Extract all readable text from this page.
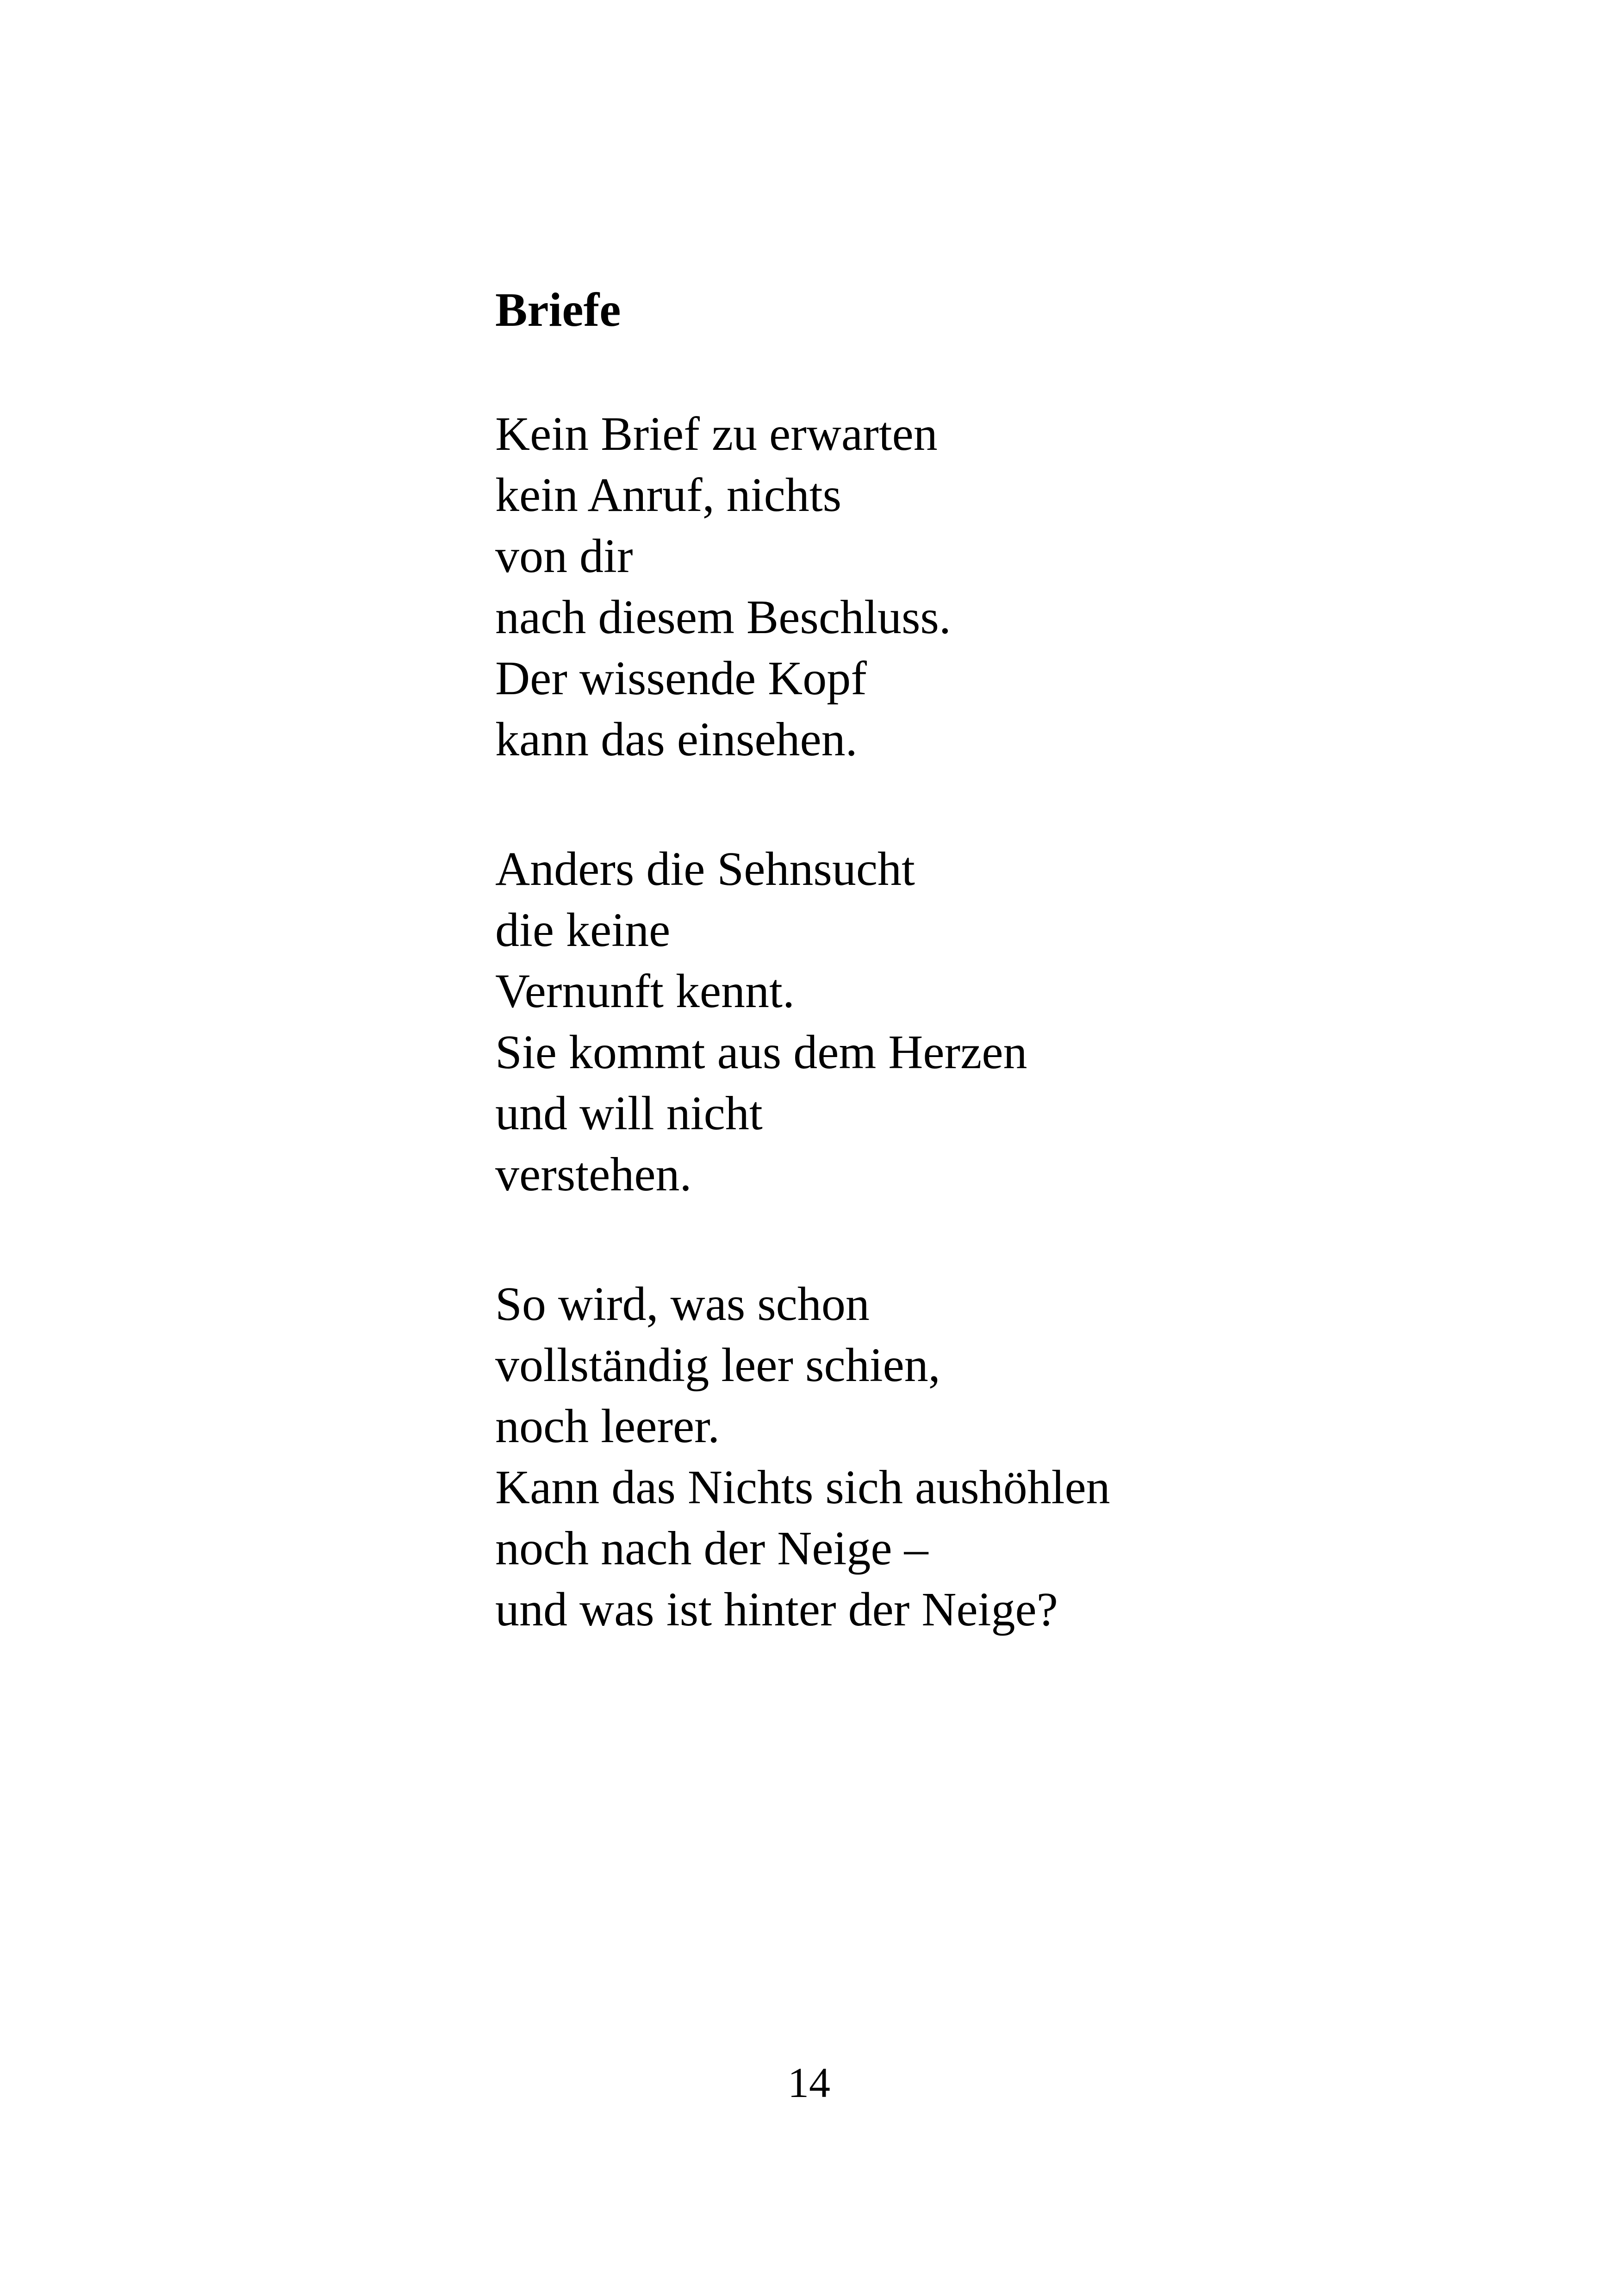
Briefe
Kein Brief zu erwarten
kein Anruf, nichts
von dir
nach diesem Beschluss.
Der wissende Kopf
kann das einsehen.
Anders die Sehnsucht
die keine
Vernunft kennt.
Sie kommt aus dem Herzen
und will nicht
verstehen.
So wird, was schon
vollständig leer schien,
noch leerer.
Kann das Nichts sich aushöhlen
noch nach der Neige –
und was ist hinter der Neige?
14
